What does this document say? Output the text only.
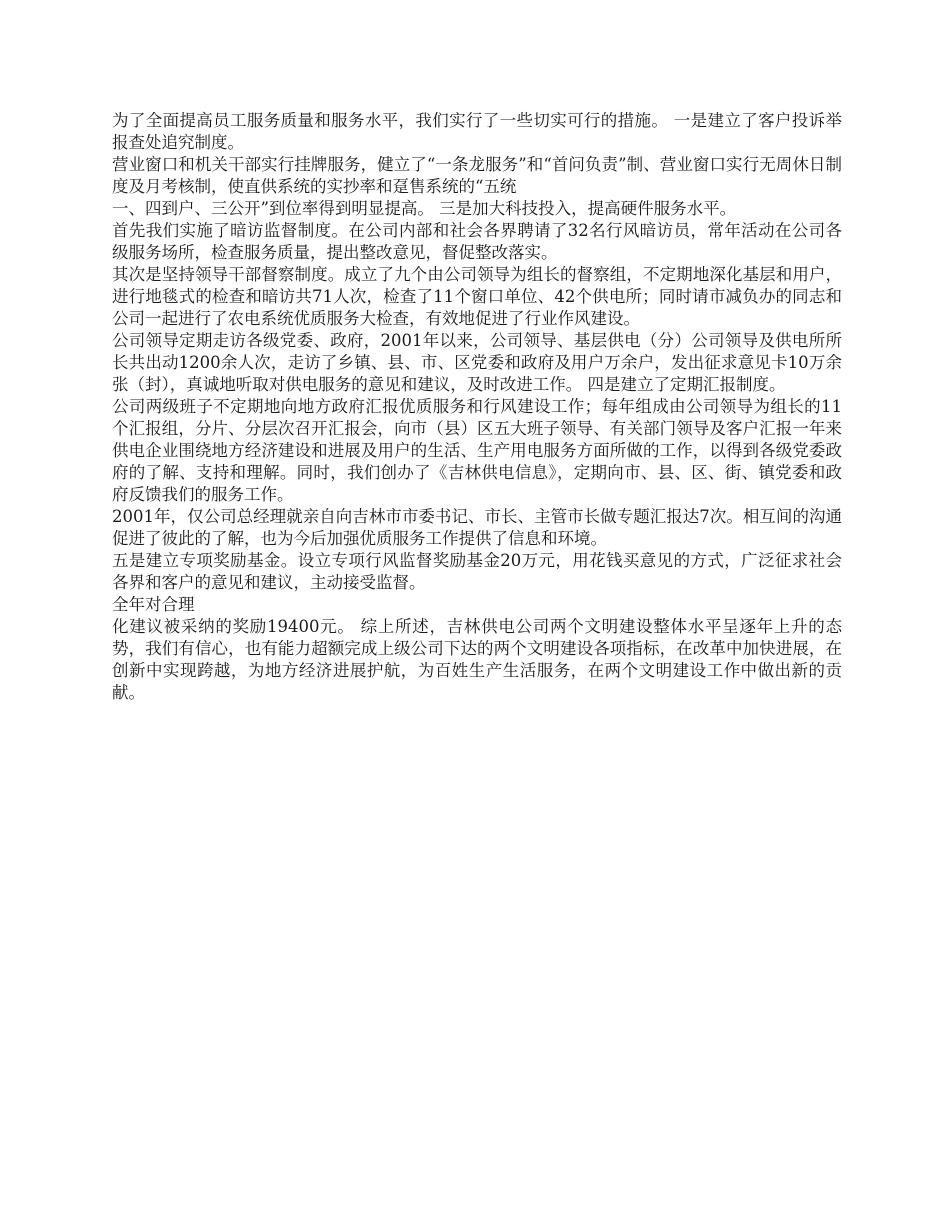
为了全面提高员工服务质量和服务水平，我们实行了一些切实可行的措施。 一是建立了客户投诉举报查处追究制度。

营业窗口和机关干部实行挂牌服务，健立了“一条龙服务”和“首问负责”制、营业窗口实行无周休日制度及月考核制，使直供系统的实抄率和趸售系统的“五统

一、四到户、三公开”到位率得到明显提高。 三是加大科技投入，提高硬件服务水平。

首先我们实施了暗访监督制度。在公司内部和社会各界聘请了32名行风暗访员，常年活动在公司各级服务场所，检查服务质量，提出整改意见，督促整改落实。

其次是坚持领导干部督察制度。成立了九个由公司领导为组长的督察组，不定期地深化基层和用户，进行地毯式的检查和暗访共71人次，检查了11个窗口单位、42个供电所；同时请市减负办的同志和公司一起进行了农电系统优质服务大检查，有效地促进了行业作风建设。

公司领导定期走访各级党委、政府，2001年以来，公司领导、基层供电（分）公司领导及供电所所长共出动1200余人次，走访了乡镇、县、市、区党委和政府及用户万余户，发出征求意见卡10万余张（封），真诚地听取对供电服务的意见和建议，及时改进工作。 四是建立了定期汇报制度。

公司两级班子不定期地向地方政府汇报优质服务和行风建设工作；每年组成由公司领导为组长的11个汇报组，分片、分层次召开汇报会，向市（县）区五大班子领导、有关部门领导及客户汇报一年来供电企业围绕地方经济建设和进展及用户的生活、生产用电服务方面所做的工作，以得到各级党委政府的了解、支持和理解。同时，我们创办了《吉林供电信息》，定期向市、县、区、街、镇党委和政府反馈我们的服务工作。

2001年，仅公司总经理就亲自向吉林市市委书记、市长、主管市长做专题汇报达7次。相互间的沟通促进了彼此的了解，也为今后加强优质服务工作提供了信息和环境。

五是建立专项奖励基金。设立专项行风监督奖励基金20万元，用花钱买意见的方式，广泛征求社会各界和客户的意见和建议，主动接受监督。

全年对合理

化建议被采纳的奖励19400元。 综上所述，吉林供电公司两个文明建设整体水平呈逐年上升的态势，我们有信心，也有能力超额完成上级公司下达的两个文明建设各项指标，在改革中加快进展，在创新中实现跨越，为地方经济进展护航，为百姓生产生活服务，在两个文明建设工作中做出新的贡献。
